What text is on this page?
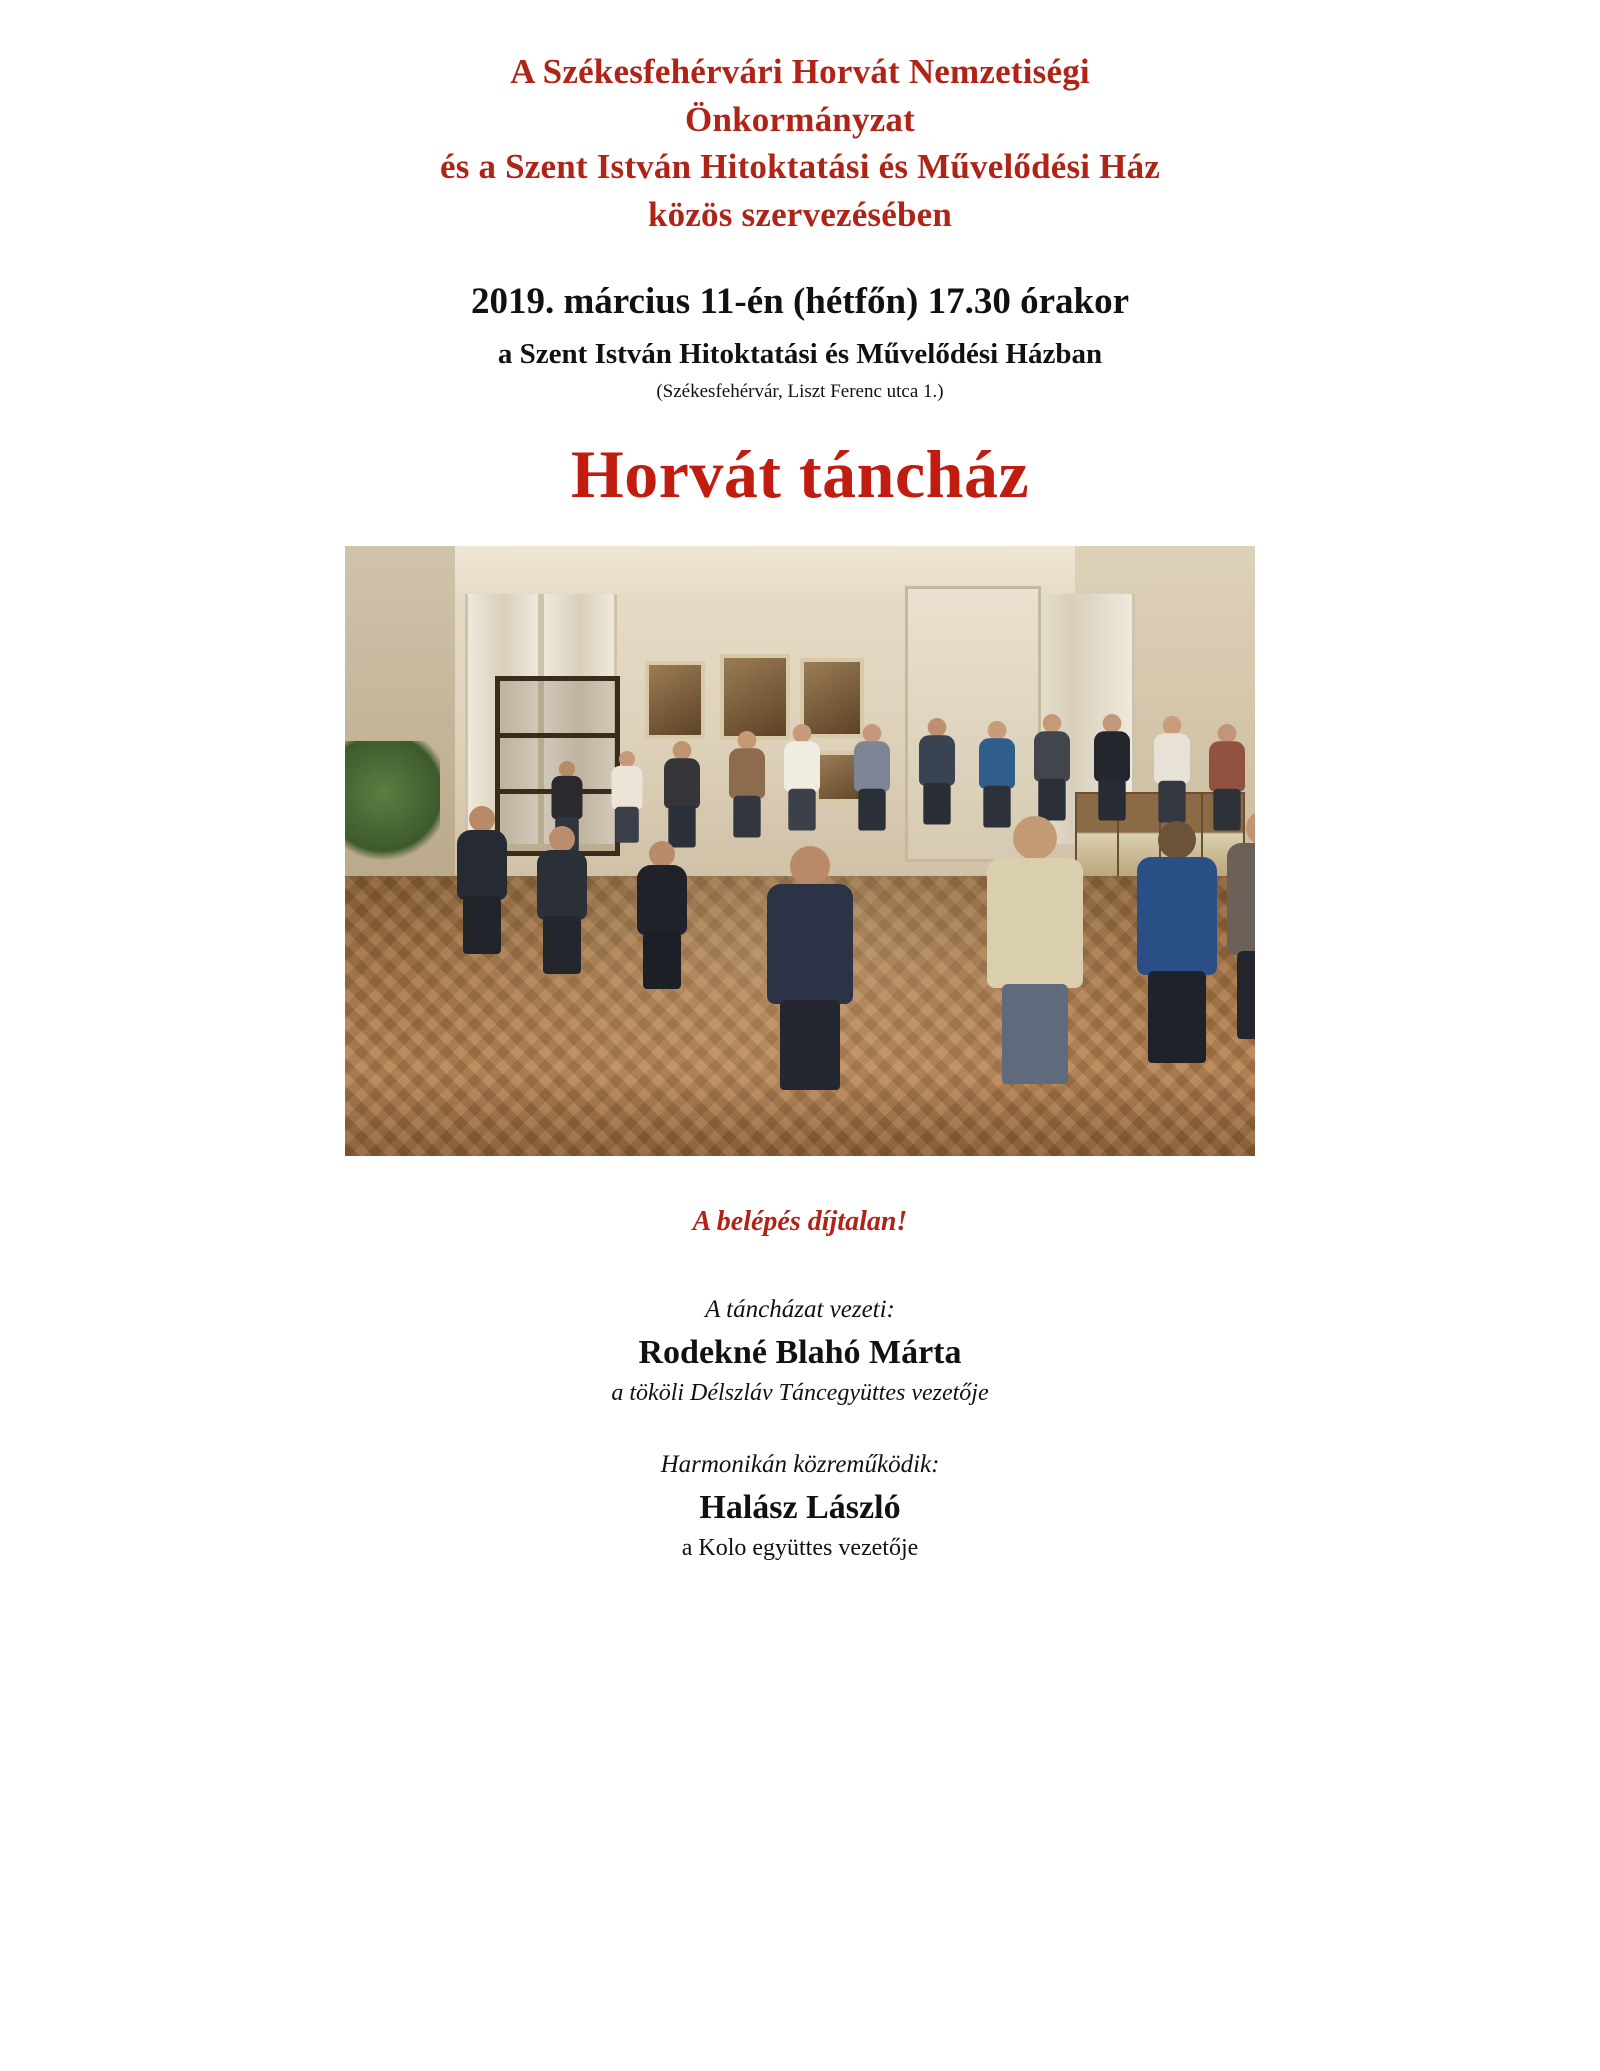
A Székesfehérvári Horvát Nemzetiségi
Önkormányzat
és a Szent István Hitoktatási és Művelődési Ház
közös szervezésében
2019. március 11-én (hétfőn) 17.30 órakor
a Szent István Hitoktatási és Művelődési Házban
(Székesfehérvár, Liszt Ferenc utca 1.)
Horvát táncház
A belépés díjtalan!
A táncházat vezeti:
Rodekné Blahó Márta
a tököli Délszláv Táncegyüttes vezetője
Harmonikán közreműködik:
Halász László
a Kolo együttes vezetője
